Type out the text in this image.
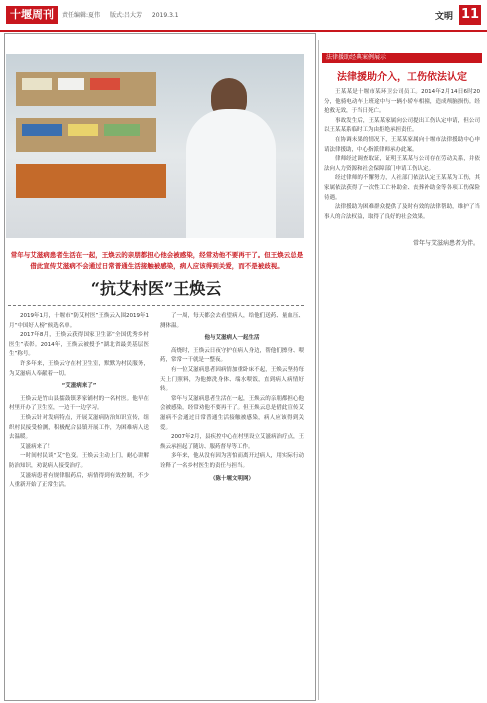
十堰周刊	责任编辑:夏伟 版式:吕大芳 2019.3.1	文明 11
常年与艾滋病患者为伴。
常年与艾滋病患者生活在一起，王焕云的亲朋都担心他会被感染，经常劝他不要再干了。但王焕云总是借此宣传艾滋病不会通过日常普通生活接触被感染，病人应该得到关爱，而不是被歧视。
“抗艾村医”王焕云

2019年1月，十堰市“防艾村医”王焕云入围2019年1月“中国好人榜”候选名单。

2017年8月，王焕云获得国家卫生部“全国优秀乡村医生”表彰。2014年，王焕云被授予“湖北省最美基层医生”称号。

许多年来，王焕云守在村卫生室，默默为村民服务，为艾滋病人奉献着一切。

“艾滋病来了”

王焕云是竹山县擂鼓镇茅家铺村的一名村医。他早在村里开办了卫生室，一边干一边学习。

王焕云针对发病特点，开展艾滋病防治知识宣传，组织村民接受检测，积极配合县镇开展工作，为困难病人送去温暖。

艾滋病来了！

一时间村民谈“艾”色变。王焕云主动上门，耐心讲解防治知识，劝说病人接受治疗。

艾滋病患者有规律服药后，病情得到有效控制，不少人重新开始了正常生活。

了一周，每天都会去看望病人，给他们送药、量血压、测体温。

他与艾滋病人一起生活

高烧时，王焕云日夜守护在病人身边，帮他们擦身、喂药，常常一干就是一整夜。

有一位艾滋病患者因病情加重卧床不起，王焕云坚持每天上门照料，为他擦洗身体、端水喂饭，直到病人病情好转。

常年与艾滋病患者生活在一起，王焕云的亲朋都担心他会被感染，经常劝他不要再干了。但王焕云总是借此宣传艾滋病不会通过日常普通生活接触被感染，病人应该得到关爱。

2007年2月，县疾控中心在村里设立艾滋病治疗点，王焕云承担起了随访、服药督导等工作。

多年来，他从没有因为害怕而离开过病人，用实际行动诠释了一名乡村医生的责任与担当。

（陈十堰文明网）

法律援助经典案例展示
法律援助介入，工伤依法认定

王某某是十堰市某环卫公司员工。2014年2月14日6时20分，他骑电动车上班途中与一辆小轿车相撞，造成颅脑损伤。经抢救无效，于当日死亡。

事故发生后，王某某家属向公司提出工伤认定申请，但公司以王某某系临时工为由拒绝承担责任。

在协调未果的情况下，王某某家属向十堰市法律援助中心申请法律援助，中心指派律师承办此案。

律师经过调查取证，证明王某某与公司存在劳动关系，并依法向人力资源和社会保障部门申请工伤认定。

经过律师的不懈努力，人社部门依法认定王某某为工伤，其家属依法获得了一次性工亡补助金、丧葬补助金等各项工伤保险待遇。

法律援助为困难群众提供了及时有效的法律帮助，维护了当事人的合法权益，取得了良好的社会效果。
